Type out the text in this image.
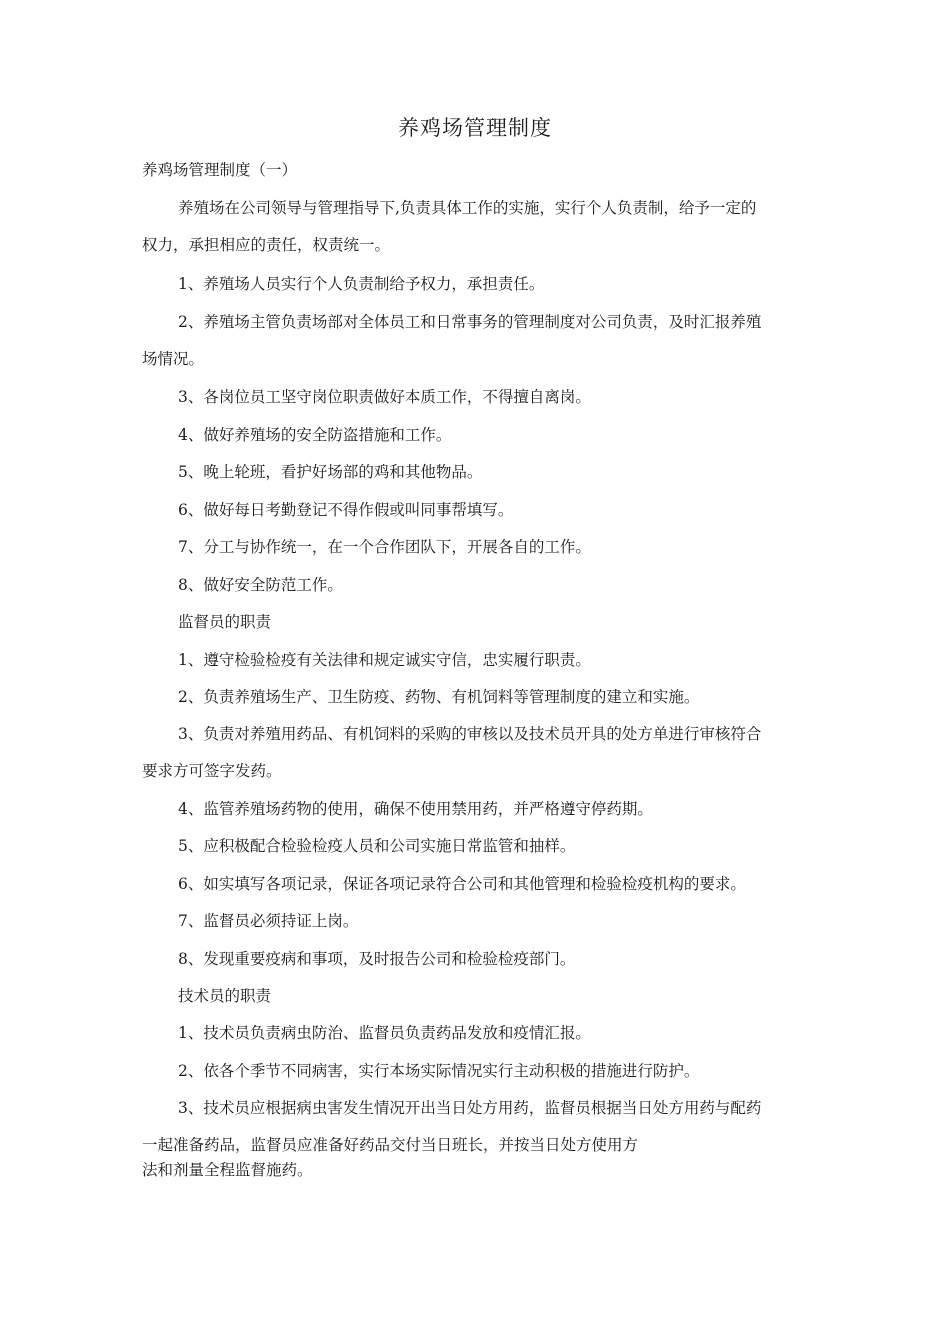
养鸡场管理制度
养鸡场管理制度（一）
养殖场在公司领导与管理指导下,负责具体工作的实施，实行个人负责制，给予一定的
权力，承担相应的责任，权责统一。
1、养殖场人员实行个人负责制给予权力，承担责任。
2、养殖场主管负责场部对全体员工和日常事务的管理制度对公司负责，及时汇报养殖
场情况。
3、各岗位员工坚守岗位职责做好本质工作，不得擅自离岗。
4、做好养殖场的安全防盗措施和工作。
5、晚上轮班，看护好场部的鸡和其他物品。
6、做好每日考勤登记不得作假或叫同事帮填写。
7、分工与协作统一，在一个合作团队下，开展各自的工作。
8、做好安全防范工作。
监督员的职责
1、遵守检验检疫有关法律和规定诚实守信，忠实履行职责。
2、负责养殖场生产、卫生防疫、药物、有机饲料等管理制度的建立和实施。
3、负责对养殖用药品、有机饲料的采购的审核以及技术员开具的处方单进行审核符合
要求方可签字发药。
4、监管养殖场药物的使用，确保不使用禁用药，并严格遵守停药期。
5、应积极配合检验检疫人员和公司实施日常监管和抽样。
6、如实填写各项记录，保证各项记录符合公司和其他管理和检验检疫机构的要求。
7、监督员必须持证上岗。
8、发现重要疫病和事项，及时报告公司和检验检疫部门。
技术员的职责
1、技术员负责病虫防治、监督员负责药品发放和疫情汇报。
2、依各个季节不同病害，实行本场实际情况实行主动积极的措施进行防护。
3、技术员应根据病虫害发生情况开出当日处方用药，监督员根据当日处方用药与配药
一起准备药品，监督员应准备好药品交付当日班长，并按当日处方使用方
法和剂量全程监督施药。
